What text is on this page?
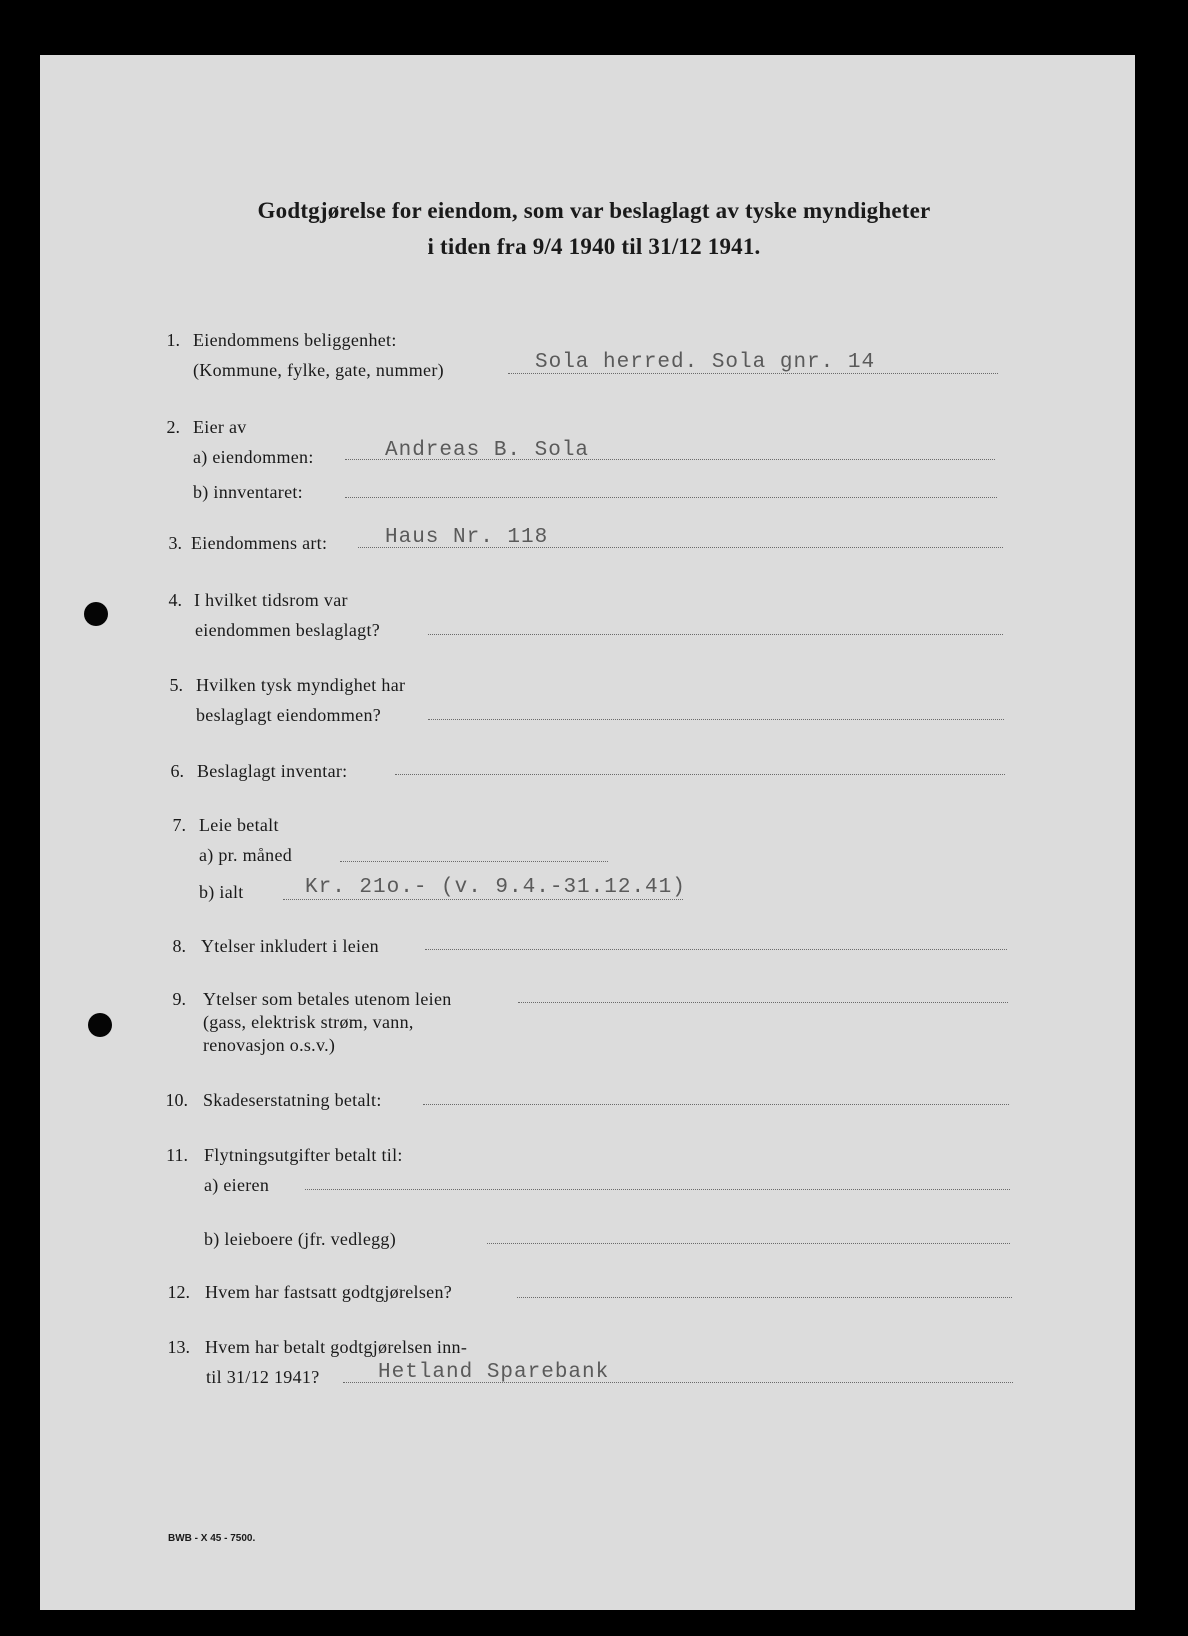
Godtgjørelse for eiendom, som var beslaglagt av tyske myndigheter
i tiden fra 9/4 1940 til 31/12 1941.
1. Eiendommens beliggenhet:
(Kommune, fylke, gate, nummer)	Sola herred. Sola gnr. 14
2. Eier av
a) eiendommen:	Andreas B. Sola
b) innventaret:
3. Eiendommens art:	Haus Nr. 118
4. I hvilket tidsrom var
eiendommen beslaglagt?
5. Hvilken tysk myndighet har
beslaglagt eiendommen?
6. Beslaglagt inventar:
7. Leie betalt
a) pr. måned
b) ialt	Kr. 21o.- (v. 9.4.-31.12.41)
8. Ytelser inkludert i leien
9. Ytelser som betales utenom leien
(gass, elektrisk strøm, vann,
renovasjon o.s.v.)
10. Skadeserstatning betalt:
11. Flytningsutgifter betalt til:
a) eieren
b) leieboere (jfr. vedlegg)
12. Hvem har fastsatt godtgjørelsen?
13. Hvem har betalt godtgjørelsen inn-
til 31/12 1941?	Hetland Sparebank
BWB - X 45 - 7500.
